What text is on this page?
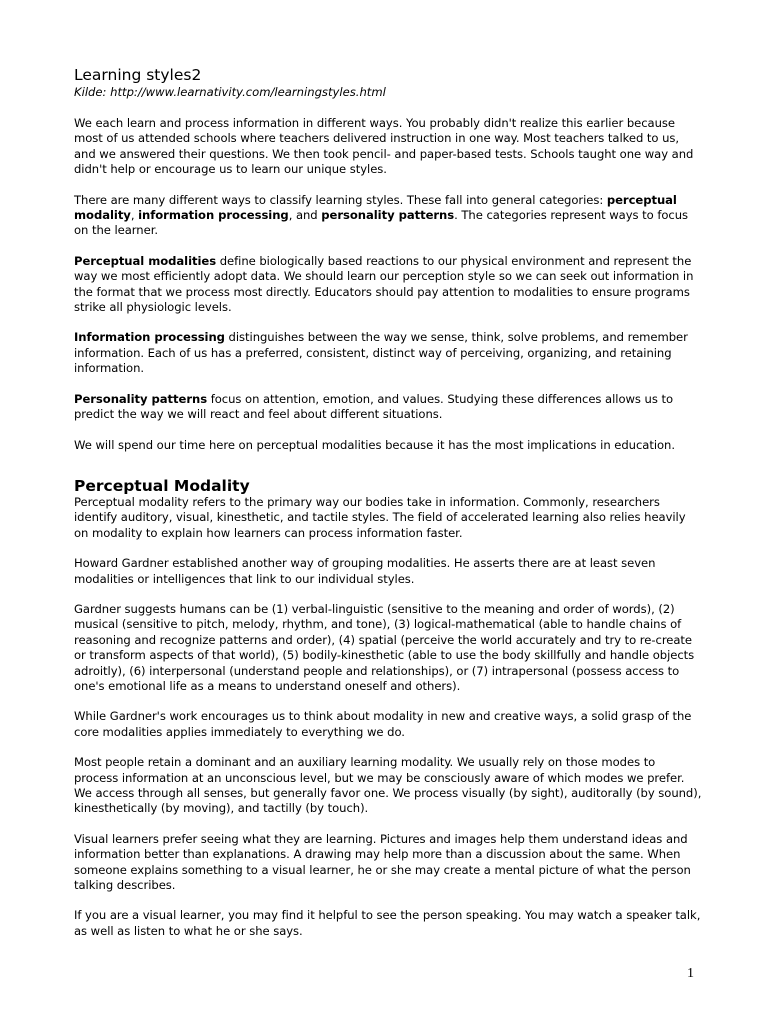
Learning styles2
Kilde: http://www.learnativity.com/learningstyles.html

We each learn and process information in different ways. You probably didn't realize this earlier because most of us attended schools where teachers delivered instruction in one way. Most teachers talked to us, and we answered their questions. We then took pencil- and paper-based tests. Schools taught one way and didn't help or encourage us to learn our unique styles.

There are many different ways to classify learning styles. These fall into general categories: perceptual modality, information processing, and personality patterns. The categories represent ways to focus on the learner.

Perceptual modalities define biologically based reactions to our physical environment and represent the way we most efficiently adopt data. We should learn our perception style so we can seek out information in the format that we process most directly. Educators should pay attention to modalities to ensure programs strike all physiologic levels.

Information processing distinguishes between the way we sense, think, solve problems, and remember information. Each of us has a preferred, consistent, distinct way of perceiving, organizing, and retaining information.

Personality patterns focus on attention, emotion, and values. Studying these differences allows us to predict the way we will react and feel about different situations.

We will spend our time here on perceptual modalities because it has the most implications in education.

Perceptual Modality

Perceptual modality refers to the primary way our bodies take in information. Commonly, researchers identify auditory, visual, kinesthetic, and tactile styles. The field of accelerated learning also relies heavily on modality to explain how learners can process information faster.

Howard Gardner established another way of grouping modalities. He asserts there are at least seven modalities or intelligences that link to our individual styles.

Gardner suggests humans can be (1) verbal-linguistic (sensitive to the meaning and order of words), (2) musical (sensitive to pitch, melody, rhythm, and tone), (3) logical-mathematical (able to handle chains of reasoning and recognize patterns and order), (4) spatial (perceive the world accurately and try to re-create or transform aspects of that world), (5) bodily-kinesthetic (able to use the body skillfully and handle objects adroitly), (6) interpersonal (understand people and relationships), or (7) intrapersonal (possess access to one's emotional life as a means to understand oneself and others).

While Gardner's work encourages us to think about modality in new and creative ways, a solid grasp of the core modalities applies immediately to everything we do.

Most people retain a dominant and an auxiliary learning modality. We usually rely on those modes to process information at an unconscious level, but we may be consciously aware of which modes we prefer. We access through all senses, but generally favor one. We process visually (by sight), auditorally (by sound), kinesthetically (by moving), and tactilly (by touch).

Visual learners prefer seeing what they are learning. Pictures and images help them understand ideas and information better than explanations. A drawing may help more than a discussion about the same. When someone explains something to a visual learner, he or she may create a mental picture of what the person talking describes.

If you are a visual learner, you may find it helpful to see the person speaking. You may watch a speaker talk, as well as listen to what he or she says.

1
